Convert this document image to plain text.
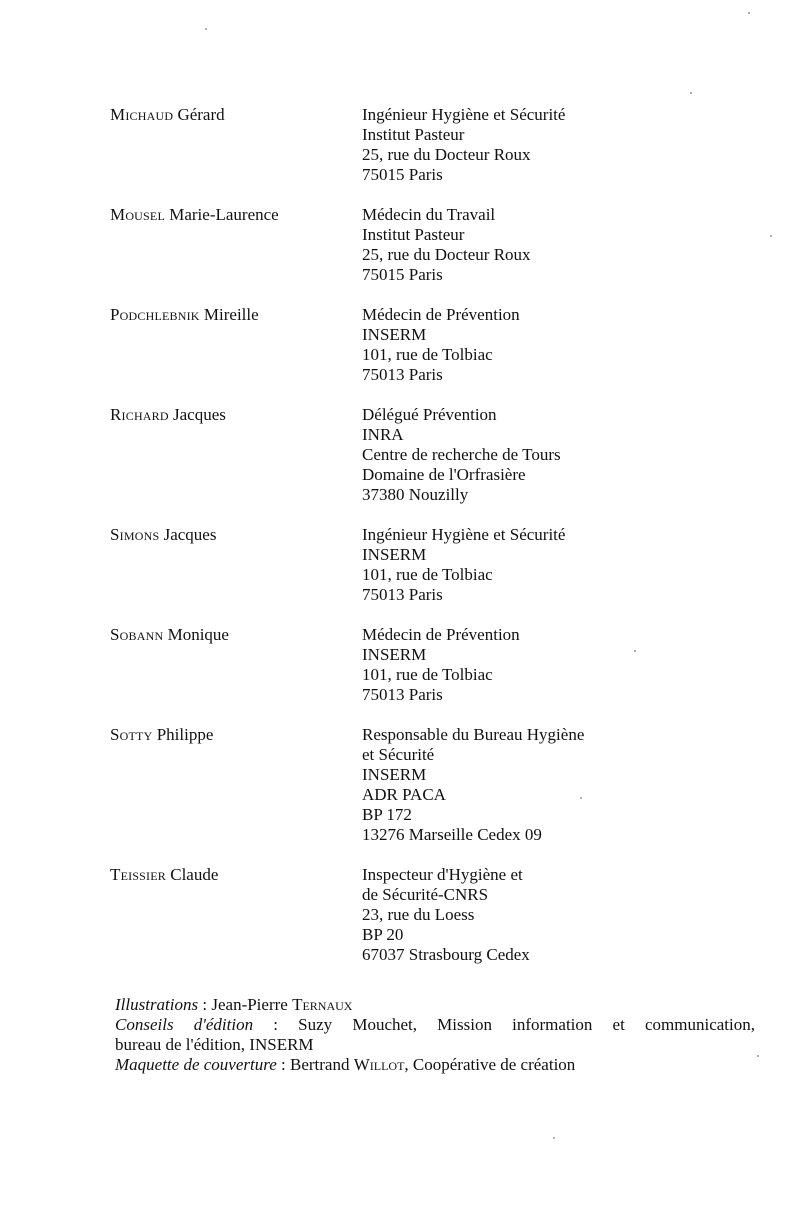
Michaud Gérard	Ingénieur Hygiène et Sécurité
Institut Pasteur
25, rue du Docteur Roux
75015 Paris
Mousel Marie-Laurence	Médecin du Travail
Institut Pasteur
25, rue du Docteur Roux
75015 Paris
Podchlebnik Mireille	Médecin de Prévention
INSERM
101, rue de Tolbiac
75013 Paris
Richard Jacques	Délégué Prévention
INRA
Centre de recherche de Tours
Domaine de l'Orfrasière
37380 Nouzilly
Simons Jacques	Ingénieur Hygiène et Sécurité
INSERM
101, rue de Tolbiac
75013 Paris
Sobann Monique	Médecin de Prévention
INSERM
101, rue de Tolbiac
75013 Paris
Sotty Philippe	Responsable du Bureau Hygiène
et Sécurité
INSERM
ADR PACA
BP 172
13276 Marseille Cedex 09
Teissier Claude	Inspecteur d'Hygiène et
de Sécurité-CNRS
23, rue du Loess
BP 20
67037 Strasbourg Cedex
Illustrations : Jean-Pierre Ternaux
Conseils d'édition : Suzy Mouchet, Mission information et communication,
bureau de l'édition, INSERM
Maquette de couverture : Bertrand Willot, Coopérative de création
